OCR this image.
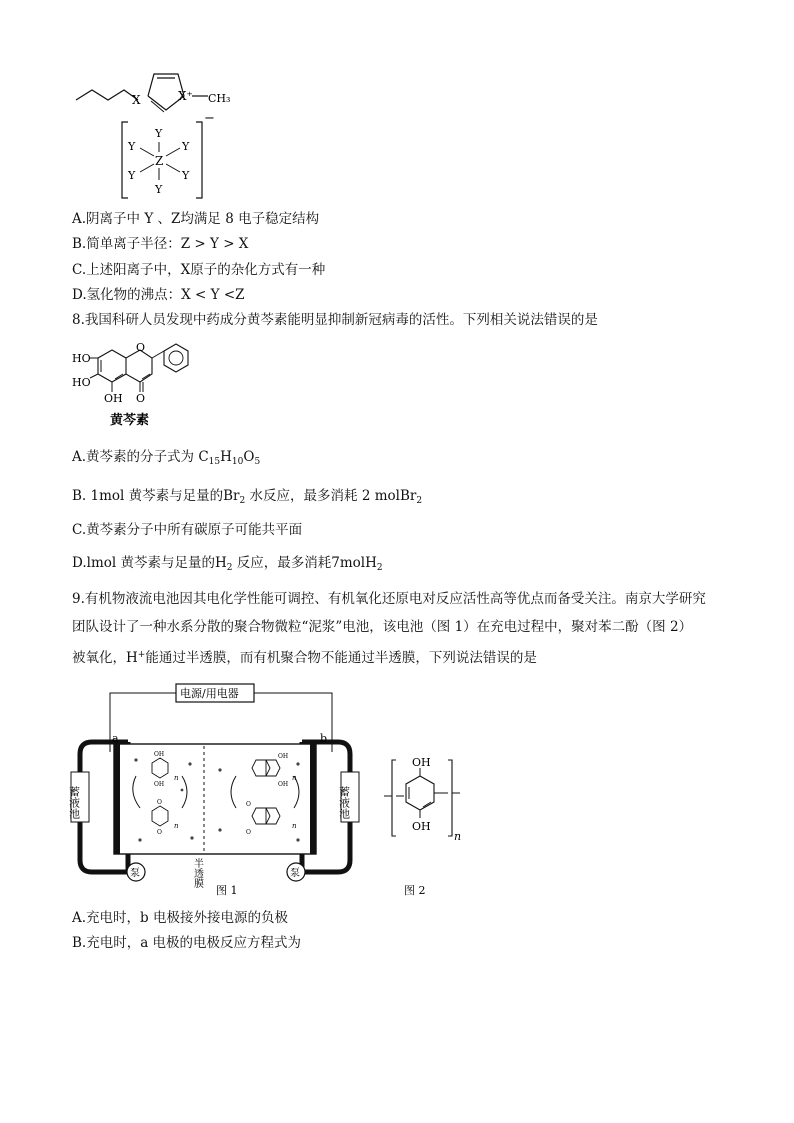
X	X⁺ CH₃
−
Z
Y
Y
Y	Y
Y	Y
A.阴离子中 Y 、Z均满足 8 电子稳定结构
B.简单离子半径：Z > Y > X
C.上述阳离子中，X原子的杂化方式有一种
D.氢化物的沸点：X < Y <Z
8.我国科研人员发现中药成分黄芩素能明显抑制新冠病毒的活性。下列相关说法错误的是
O
O
HO
HO
OH
黄芩素
A.黄芩素的分子式为 $C_{15}H_{10}O_5$
B. 1mol 黄芩素与足量的$Br_2$ 水反应，最多消耗 2 molBr$_2$
C.黄芩素分子中所有碳原子可能共平面
D.lmol 黄芩素与足量的$H_2$ 反应，最多消耗7molH$_2$
9.有机物液流电池因其电化学性能可调控、有机氧化还原电对反应活性高等优点而备受关注。南京大学研究
团队设计了一种水系分散的聚合物微粒“泥浆”电池，该电池（图 1）在充电过程中，聚对苯二酚（图 2）
被氧化，H+能通过半透膜，而有机聚合物不能通过半透膜，下列说法错误的是
电源/用电器
蓄液池	蓄液池
泵	泵
a	b
半透膜
OH
OH
n
O
O
n
OH
OH
n
O
O
n
图 1
OH
OH
n
图 2
A.充电时，b 电极接外接电源的负极
B.充电时，a 电极的电极反应方程式为
